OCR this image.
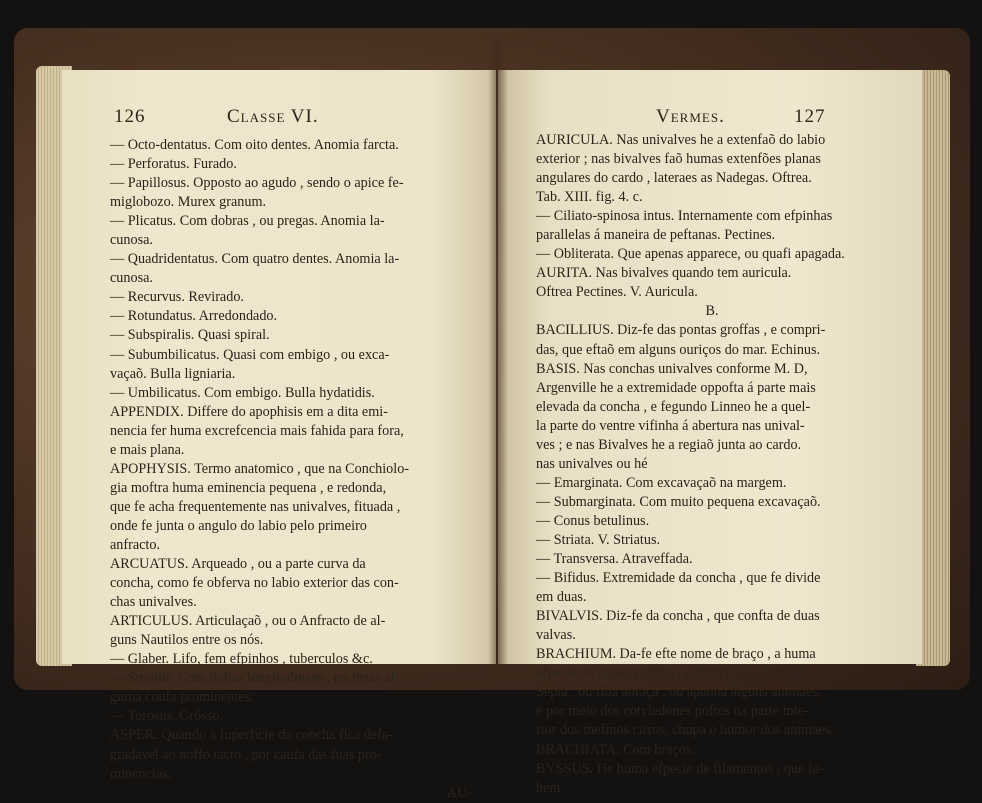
126	Classe VI.
— Octo-dentatus. Com oito dentes. Anomia farcta.
— Perforatus. Furado.
— Papillosus. Opposto ao agudo , sendo o apice fe-
miglobozo. Murex granum.
— Plicatus. Com dobras , ou pregas. Anomia la-
cunosa.
— Quadridentatus. Com quatro dentes. Anomia la-
cunosa.
— Recurvus. Revirado.
— Rotundatus. Arredondado.
— Subspiralis. Quasi spiral.
— Subumbilicatus. Quasi com embigo , ou exca-
vaçaõ. Bulla ligniaria.
— Umbilicatus. Com embigo. Bulla hydatidis.
APPENDIX. Differe do apophisis em a dita emi-
nencia fer huma excrefcencia mais fahida para fora,
e mais plana.
APOPHYSIS. Termo anatomico , que na Conchiolo-
gia moftra huma eminencia pequena , e redonda,
que fe acha frequentemente nas univalves, fituada ,
onde fe junta o angulo do labio pelo primeiro
anfracto.
ARCUATUS. Arqueado , ou a parte curva da
concha, como fe obferva no labio exterior das con-
chas univalves.
ARTICULUS. Articulaçaõ , ou o Anfracto de al-
guns Nautilos entre os nós.
— Glaber. Lifo, fem efpinhos , tuberculos &c.
— Striatus. Com linhas longitudinaes , ou ftrias al-
guma coufa prominentes.
— Torosus. Grôsso.
ASPER. Quando a fuperficie da concha fica defa-
gradavel ao noffo tacto , por caufa das fuas pro-
minencias.
AU-
Vermes.	127
AURICULA. Nas univalves he a extenfaõ do labio
exterior ; nas bivalves faõ humas extenfões planas
angulares do cardo , lateraes as Nadegas. Oftrea.
Tab. XIII. fig. 4. c.
— Ciliato-spinosa intus. Internamente com efpinhas
parallelas á maneira de peftanas. Pectines.
— Obliterata. Que apenas apparece, ou quafi apagada.
AURITA. Nas bivalves quando tem auricula.
Oftrea Pectines. V. Auricula.
B.
BACILLIUS. Diz-fe das pontas groffas , e compri-
das, que eftaõ em alguns ouriços do mar. Echinus.
BASIS. Nas conchas univalves conforme M. D,
Argenville he a extremidade oppofta á parte mais
elevada da concha , e fegundo Linneo he a quel-
la parte do ventre vifinha á abertura nas unival-
ves ; e nas Bivalves he a regiaõ junta ao cardo.
nas univalves ou hé
— Emarginata. Com excavaçaõ na margem.
— Submarginata. Com muito pequena excavaçaõ.
— Conus betulinus.
— Striata. V. Striatus.
— Transversa. Atraveffada.
— Bifidus. Extremidade da concha , que fe divide
em duas.
BIVALVIS. Diz-fe da concha , que confta de duas
valvas.
BRACHIUM. Da-fe efte nome de braço , a huma
efpecie de cirros groffos , e compridos, com que a
Sepia , ou fiba abraça , ou apanha alguns animaes,
e por meio dos cotyledones poftos na parte inte-
rior dos mefmos cirros, chupa o humor dos animaes.
BRACHIATA. Com braços.
BYSSUS. He huma efpecie de filamentos , que fa-
hem
